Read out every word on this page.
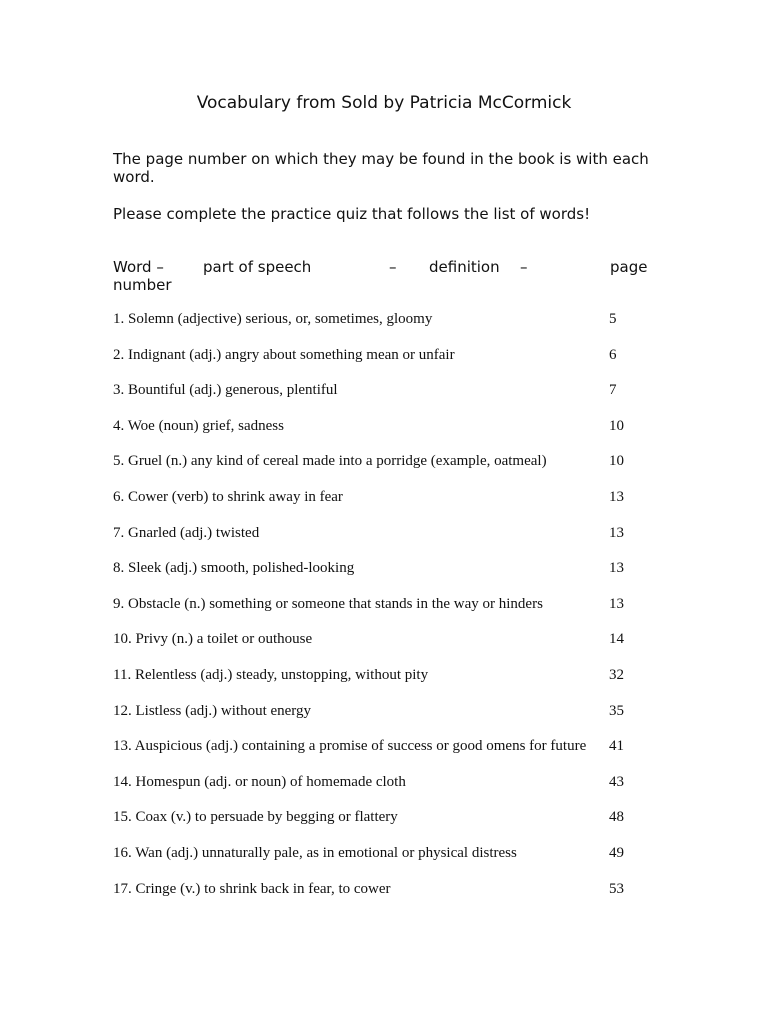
Vocabulary from Sold by Patricia McCormick
The page number on which they may be found in the book is with each word.
Please complete the practice quiz that follows the list of words!
Word –	part of speech	– definition –	page
number
1. Solemn (adjective) serious, or, sometimes, gloomy	5
2. Indignant (adj.) angry about something mean or unfair	6
3. Bountiful (adj.) generous, plentiful	7
4. Woe (noun) grief, sadness	10
5. Gruel (n.) any kind of cereal made into a porridge (example, oatmeal)	10
6. Cower (verb) to shrink away in fear	13
7. Gnarled (adj.) twisted	13
8. Sleek (adj.) smooth, polished-looking	13
9. Obstacle (n.) something or someone that stands in the way or hinders	13
10. Privy (n.) a toilet or outhouse	14
11. Relentless (adj.) steady, unstopping, without pity	32
12. Listless (adj.) without energy	35
13. Auspicious (adj.) containing a promise of success or good omens for future 41
14. Homespun (adj. or noun) of homemade cloth	43
15. Coax (v.) to persuade by begging or flattery	48
16. Wan (adj.) unnaturally pale, as in emotional or physical distress	49
17. Cringe (v.) to shrink back in fear, to cower	53
